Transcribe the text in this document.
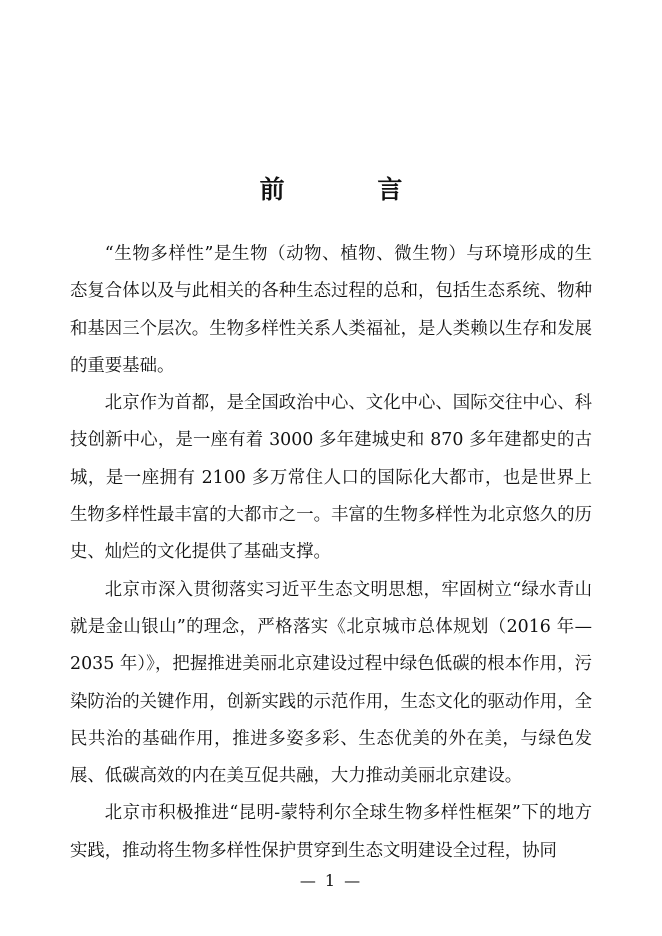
前 言

“生物多样性”是生物（动物、植物、微生物）与环境形成的生态复合体以及与此相关的各种生态过程的总和，包括生态系统、物种和基因三个层次。生物多样性关系人类福祉，是人类赖以生存和发展的重要基础。

北京作为首都，是全国政治中心、文化中心、国际交往中心、科技创新中心，是一座有着 3000 多年建城史和 870 多年建都史的古城，是一座拥有 2100 多万常住人口的国际化大都市，也是世界上生物多样性最丰富的大都市之一。丰富的生物多样性为北京悠久的历史、灿烂的文化提供了基础支撑。

北京市深入贯彻落实习近平生态文明思想，牢固树立“绿水青山就是金山银山”的理念，严格落实《北京城市总体规划（2016 年—2035 年）》，把握推进美丽北京建设过程中绿色低碳的根本作用，污染防治的关键作用，创新实践的示范作用，生态文化的驱动作用，全民共治的基础作用，推进多姿多彩、生态优美的外在美，与绿色发展、低碳高效的内在美互促共融，大力推动美丽北京建设。

北京市积极推进“昆明-蒙特利尔全球生物多样性框架”下的地方实践，推动将生物多样性保护贯穿到生态文明建设全过程，协同

— 1 —
